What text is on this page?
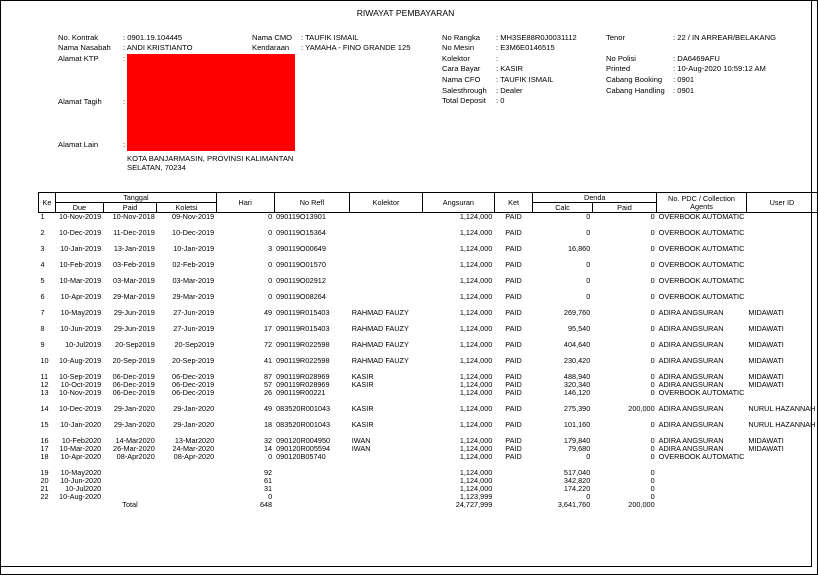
RIWAYAT PEMBAYARAN
No. Kontrak	: 0901.19.104445
Nama Nasabah : ANDI KRISTIANTO
Alamat KTP	:
Alamat Tagih	:
Alamat Lain	:
KOTA BANJARMASIN, PROVINSI KALIMANTAN
SELATAN, 70234
Nama CMO : TAUFIK ISMAIL
Kendaraan : YAMAHA - FINO GRANDE 125
No Rangka : MH3SE88R0J0031112
No Mesin	: E3M6E0146515
Kolektor	:
Cara Bayar : KASIR
Nama CFO : TAUFIK ISMAIL
Salesthrough : Dealer
Total Deposit : 0
Tenor	: 22 / IN ARREAR/BELAKANG
No Polisi	: DA6469AFU
Printed	: 10-Aug-2020 10:59:12 AM
Cabang Booking : 0901
Cabang Handling : 0901
Ke	Tanggal			Hari	No Refl	Kolektor	Angsuran	Ket	Denda		No. PDC / Collection Agents	User ID
	Due	Paid	Koletsi						Calc	Paid		
1	10-Nov-2019	10-Nov-2018	09-Nov-2019	0	090119O13901		1,124,000	PAID	0	0	OVERBOOK AUTOMATIC	
2	10-Dec-2019	11-Dec-2019	10-Dec-2019	0	090119O15364		1,124,000	PAID	0	0	OVERBOOK AUTOMATIC	
3	10-Jan-2019	13-Jan-2019	10-Jan-2019	3	090119O00649		1,124,000	PAID	16,860	0	OVERBOOK AUTOMATIC	
4	10-Feb-2019	03-Feb-2019	02-Feb-2019	0	090119O01570		1,124,000	PAID	0	0	OVERBOOK AUTOMATIC	
5	10-Mar-2019	03-Mar-2019	03-Mar-2019	0	090119O02912		1,124,000	PAID	0	0	OVERBOOK AUTOMATIC	
6	10-Apr-2019	29-Mar-2019	29-Mar-2019	0	090119O08264		1,124,000	PAID	0	0	OVERBOOK AUTOMATIC	
7	10-May2019	29-Jun-2019	27-Jun-2019	49	090119R015403	RAHMAD FAUZY	1,124,000	PAID	269,760	0	ADIRA ANGSURAN	MIDAWATI
8	10-Jun-2019	29-Jun-2019	27-Jun-2019	17	090119R015403	RAHMAD FAUZY	1,124,000	PAID	95,540	0	ADIRA ANGSURAN	MIDAWATI
9	10-Jul2019	20-Sep2019	20-Sep2019	72	090119R022598	RAHMAD FAUZY	1,124,000	PAID	404,640	0	ADIRA ANGSURAN	MIDAWATI
10	10-Aug-2019	20-Sep-2019	20-Sep-2019	41	090119R022598	RAHMAD FAUZY	1,124,000	PAID	230,420	0	ADIRA ANGSURAN	MIDAWATI
11	10-Sep-2019	06-Dec-2019	06-Dec-2019	87	090119R028969	KASIR	1,124,000	PAID	488,940	0	ADIRA ANGSURAN	MIDAWATI
12	10-Oct-2019	06-Dec-2019	06-Dec-2019	57	090119R028969	KASIR	1,124,000	PAID	320,340	0	ADIRA ANGSURAN	MIDAWATI
13	10-Nov-2019	06-Dec-2019	06-Dec-2019	26	090119R00221		1,124,000	PAID	146,120	0	OVERBOOK AUTOMATIC	
14	10-Dec-2019	29-Jan-2020	29-Jan-2020	49	083520R001043	KASIR	1,124,000	PAID	275,390	200,000	ADIRA ANGSURAN	NURUL HAZANNAH
15	10-Jan-2020	29-Jan-2020	29-Jan-2020	18	083520R001043	KASIR	1,124,000	PAID	101,160	0	ADIRA ANGSURAN	NURUL HAZANNAH
16	10-Feb2020	14-Mar2020	13-Mar2020	32	090120R004950	IWAN	1,124,000	PAID	179,840	0	ADIRA ANGSURAN	MIDAWATI
17	10-Mar-2020	26-Mar-2020	24-Mar-2020	14	090120R005594	IWAN	1,124,000	PAID	79,680	0	ADIRA ANGSURAN	MIDAWATI
18	10-Apr-2020	08-Apr2020	08-Apr-2020	0	090120B05740		1,124,000	PAID	0	0	OVERBOOK AUTOMATIC	
19	10-May2020			92			1,124,000		517,040	0		
20	10-Jun-2020			61			1,124,000		342,820	0		
21	10-Jul2020			31			1,124,000		174,220	0		
22	10-Aug-2020			0			1,123,999		0	0		
		Total		648			24,727,999		3,641,760	200,000		
